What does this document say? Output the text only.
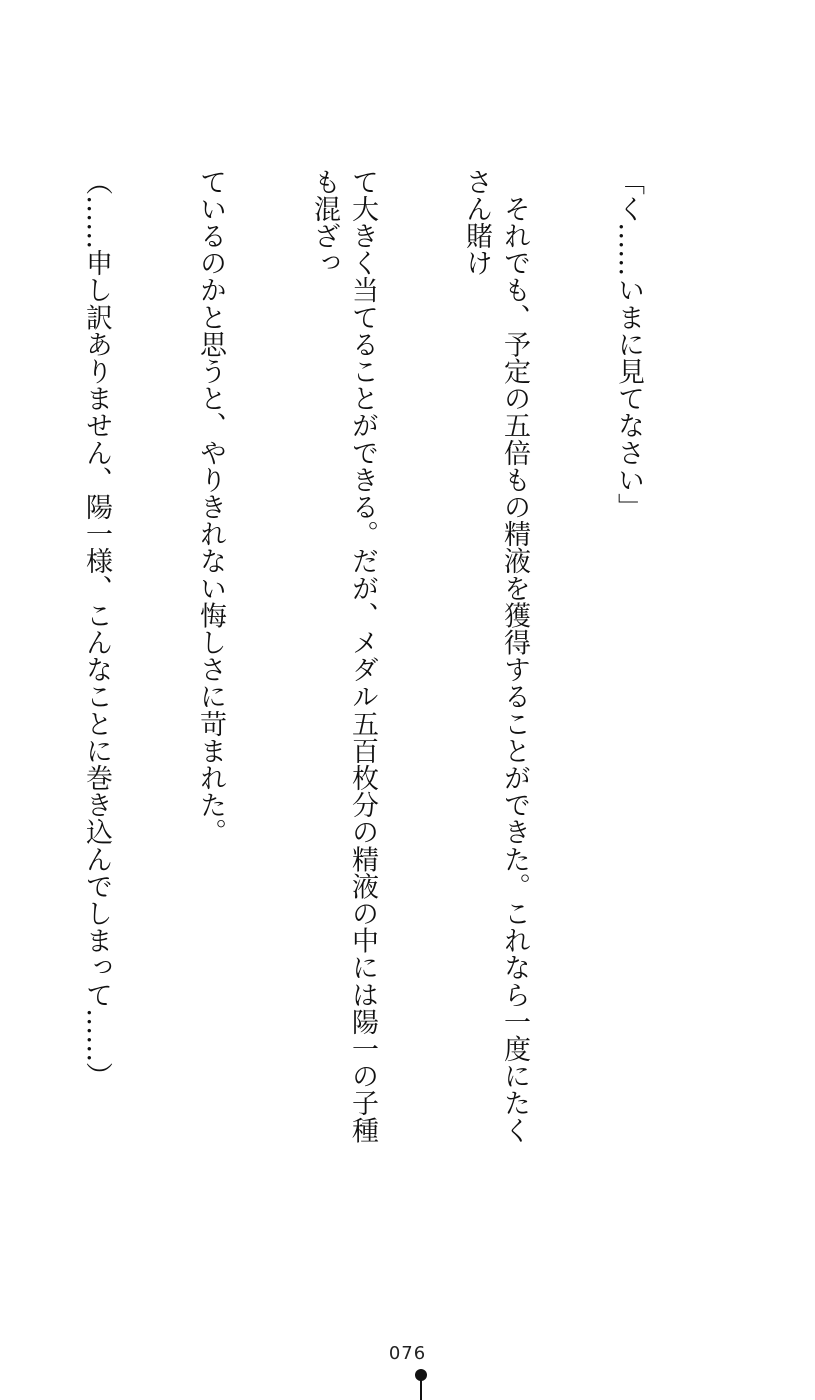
「く……いまに見てなさい」

　それでも、予定の五倍もの精液を獲得することができた。これなら一度にたくさん賭け

て大きく当てることができる。だが、メダル五百枚分の精液の中には陽一の子種も混ざっ

ているのかと思うと、やりきれない悔しさに苛まれた。

（……申し訳ありません、陽一様、こんなことに巻き込んでしまって……）

076
